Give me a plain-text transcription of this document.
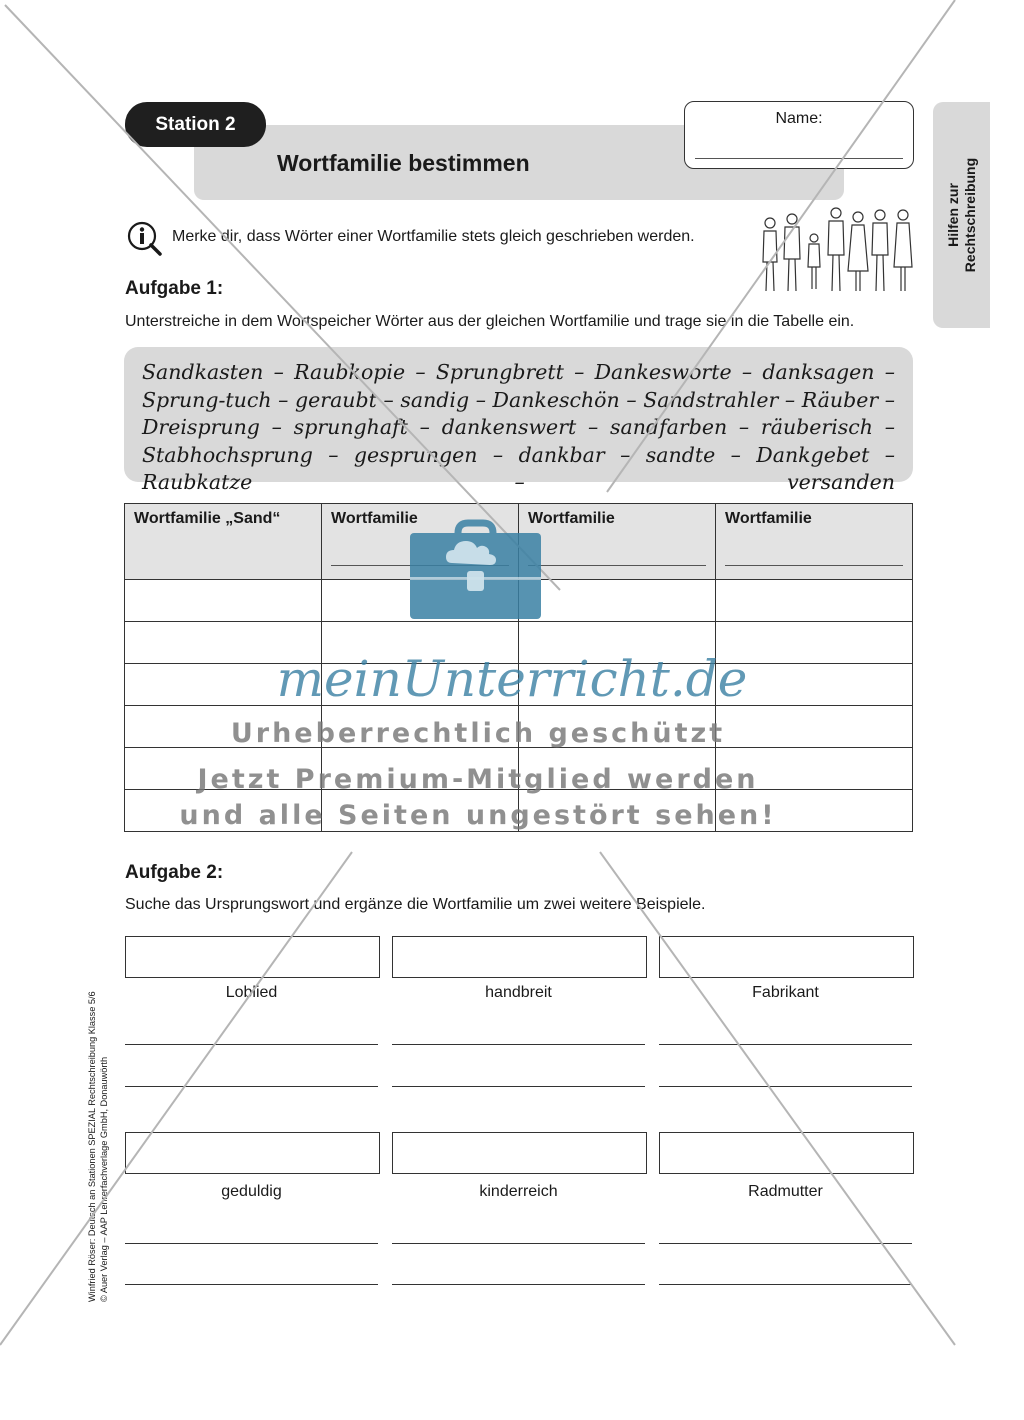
Station 2
Wortfamilie bestimmen
Name:
Hilfen zur
Rechtschreibung
Merke dir, dass Wörter einer Wortfamilie stets gleich geschrieben werden.
Aufgabe 1:
Unterstreiche in dem Wortspeicher Wörter aus der gleichen Wortfamilie und trage sie in die Tabelle ein.
Sandkasten – Raubkopie – Sprungbrett – Dankesworte – danksagen – Sprung-tuch – geraubt – sandig – Dankeschön – Sandstrahler – Räuber – Dreisprung – sprunghaft – dankenswert – sandfarben – räuberisch – Stabhochsprung – gesprungen – dankbar – sandte – Dankgebet – Raubkatze – versanden
Wortfamilie „Sand“	Wortfamilie	Wortfamilie	Wortfamilie

Aufgabe 2:
Suche das Ursprungswort und ergänze die Wortfamilie um zwei weitere Beispiele.
Loblied	handbreit	Fabrikant
geduldig	kinderreich	Radmutter
Winfried Röser: Deutsch an Stationen SPEZIAL Rechtschreibung Klasse 5/6
© Auer Verlag – AAP Lehrerfachverlage GmbH, Donauwörth
meinUnterricht.de
Urheberrechtlich geschützt
Jetzt Premium-Mitglied werden
und alle Seiten ungestört sehen!
